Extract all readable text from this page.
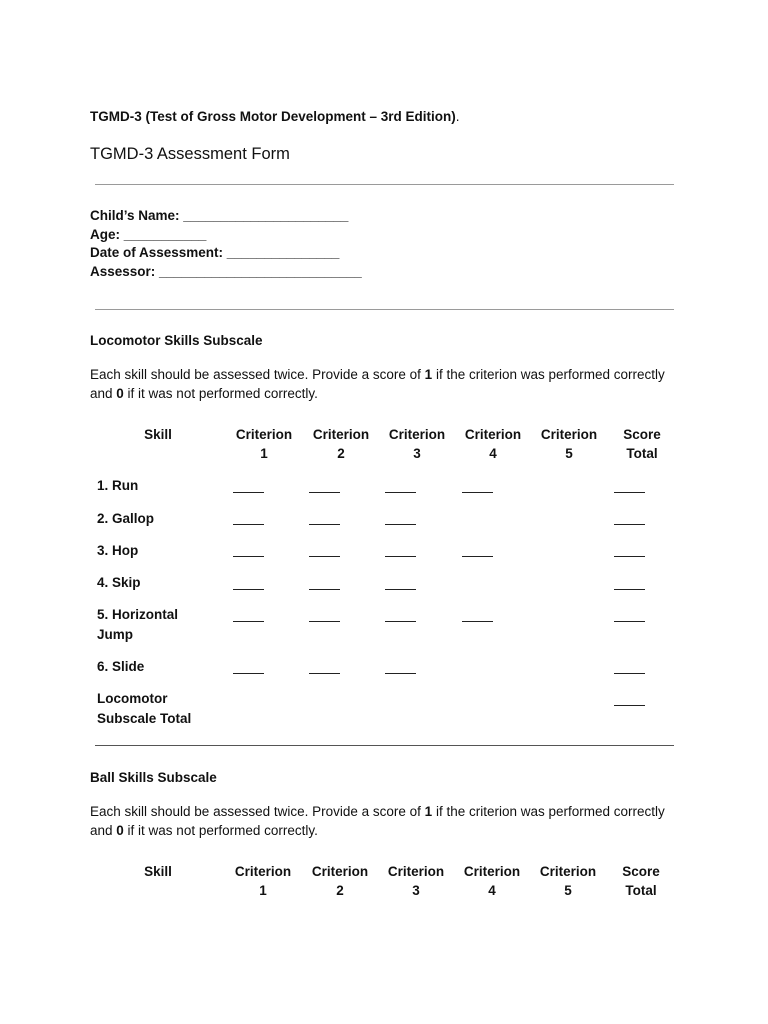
TGMD-3 (Test of Gross Motor Development – 3rd Edition).
TGMD-3 Assessment Form
Child’s Name: ______________________
Age: ___________
Date of Assessment: _______________
Assessor: ___________________________
Locomotor Skills Subscale
Each skill should be assessed twice. Provide a score of 1 if the criterion was performed correctly and 0 if it was not performed correctly.
Skill	Criterion
1
Criterion
2
Criterion
3
Criterion
4
Criterion
5
Score
Total
1. Run
2. Gallop
3. Hop
4. Skip
5. Horizontal
Jump
6. Slide
Locomotor
Subscale Total
Ball Skills Subscale
Each skill should be assessed twice. Provide a score of 1 if the criterion was performed correctly and 0 if it was not performed correctly.
Skill	Criterion
1
Criterion
2
Criterion
3
Criterion
4
Criterion
5
Score
Total
